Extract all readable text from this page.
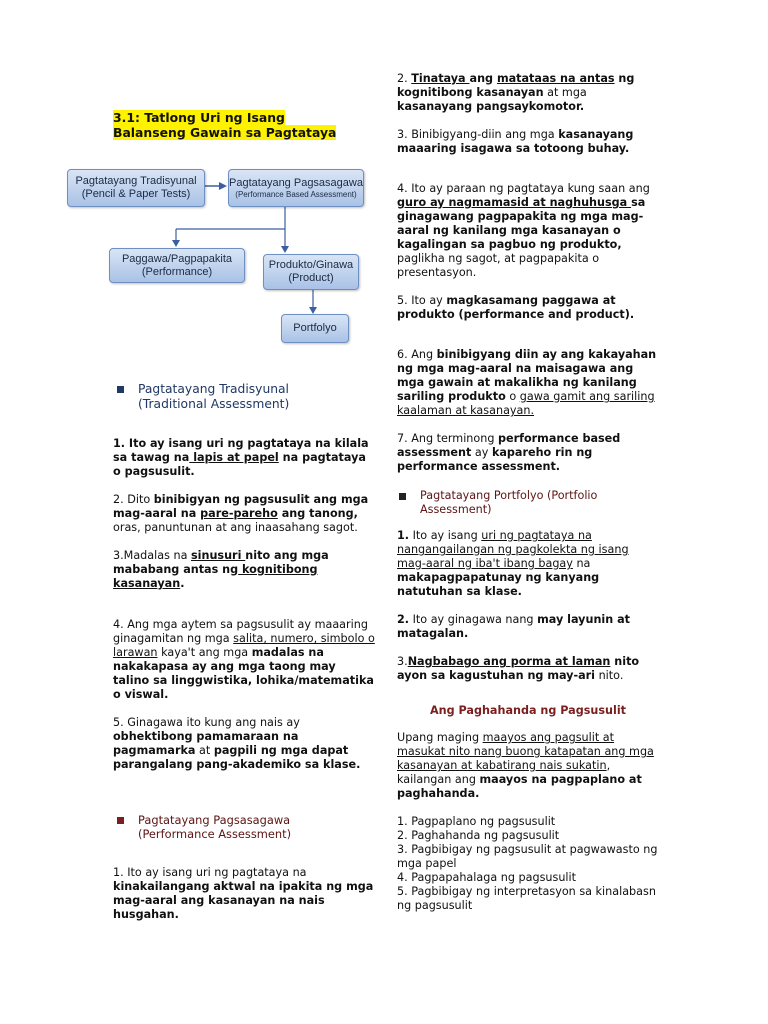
3.1: Tatlong Uri ng Isang Balanseng Gawain sa Pagtataya
Pagtatayang Tradisyunal
(Pencil & Paper Tests)
Pagtatayang Pagsasagawa
(Performance Based Assessment)
Paggawa/Pagpapakita
(Performance)
Produkto/Ginawa
(Product)
Portfolyo
Pagtatayang Tradisyunal
(Traditional Assessment)

1. Ito ay isang uri ng pagtataya na kilala sa tawag na lapis at papel na pagtataya o pagsusulit.

2. Dito binibigyan ng pagsusulit ang mga mag-aaral na pare-pareho ang tanong, oras, panuntunan at ang inaasahang sagot.

3.Madalas na sinusuri nito ang mga mababang antas ng kognitibong kasanayan.

4. Ang mga aytem sa pagsusulit ay maaaring ginagamitan ng mga salita, numero, simbolo o larawan kaya't ang mga madalas na nakakapasa ay ang mga taong may talino sa linggwistika, lohika/matematika o viswal.

5. Ginagawa ito kung ang nais ay obhektibong pamamaraan na pagmamarka at pagpili ng mga dapat parangalang pang-akademiko sa klase.

Pagtatayang Pagsasagawa
(Performance Assessment)

1. Ito ay isang uri ng pagtataya na kinakailangang aktwal na ipakita ng mga mag-aaral ang kasanayan na nais husgahan.

2. Tinataya ang matataas na antas ng kognitibong kasanayan at mga kasanayang pangsaykomotor.

3. Binibigyang-diin ang mga kasanayang maaaring isagawa sa totoong buhay.

4. Ito ay paraan ng pagtataya kung saan ang guro ay nagmamasid at naghuhusga sa ginagawang pagpapakita ng mga mag-aaral ng kanilang mga kasanayan o kagalingan sa pagbuo ng produkto, paglikha ng sagot, at pagpapakita o presentasyon.

5. Ito ay magkasamang paggawa at produkto (performance and product).

6. Ang binibigyang diin ay ang kakayahan ng mga mag-aaral na maisagawa ang mga gawain at makalikha ng kanilang sariling produkto o gawa gamit ang sariling kaalaman at kasanayan.

7. Ang terminong performance based assessment ay kapareho rin ng performance assessment.

Pagtatayang Portfolyo (Portfolio
Assessment)

1. Ito ay isang uri ng pagtataya na nangangailangan ng pagkolekta ng isang mag-aaral ng iba't ibang bagay na makapagpapatunay ng kanyang natutuhan sa klase.

2. Ito ay ginagawa nang may layunin at matagalan.

3.Nagbabago ang porma at laman nito ayon sa kagustuhan ng may-ari nito.

Ang Paghahanda ng Pagsusulit

Upang maging maayos ang pagsulit at masukat nito nang buong katapatan ang mga kasanayan at kabatirang nais sukatin, kailangan ang maayos na pagpaplano at paghahanda.

1. Pagpaplano ng pagsusulit

2. Paghahanda ng pagsusulit

3. Pagbibigay ng pagsusulit at pagwawasto ng mga papel

4. Pagpapahalaga ng pagsusulit

5. Pagbibigay ng interpretasyon sa kinalabasn ng pagsusulit
